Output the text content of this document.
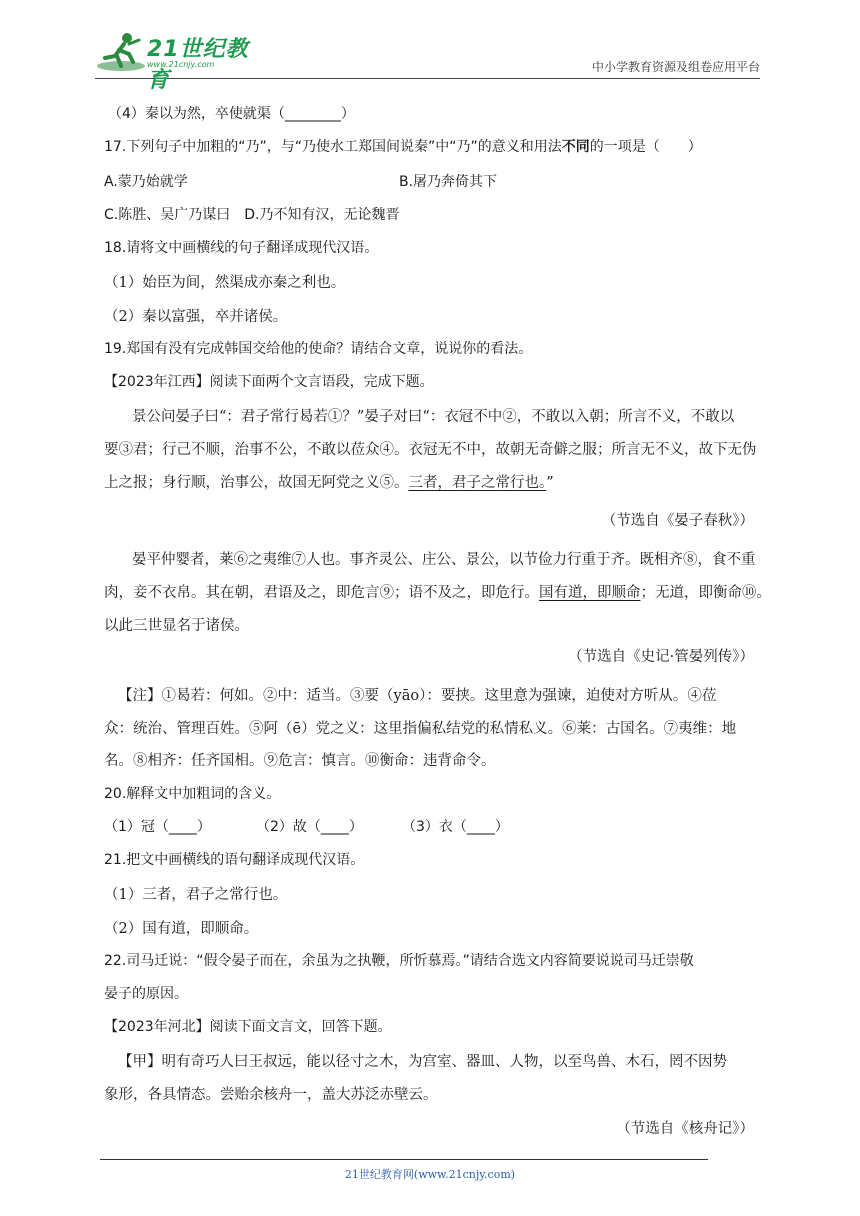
21世纪教育
www.21cnjy.com	中小学教育资源及组卷应用平台
（4）秦以为然，卒使就渠（________）
17.下列句子中加粗的“乃”，与“乃使水工郑国间说秦”中“乃”的意义和用法不同的一项是（　　）
A.蒙乃始就学	B.屠乃奔倚其下
C.陈胜、吴广乃谋曰　D.乃不知有汉，无论魏晋
18.请将文中画横线的句子翻译成现代汉语。
（1）始臣为间，然渠成亦秦之利也。
（2）秦以富强，卒并诸侯。
19.郑国有没有完成韩国交给他的使命？请结合文章，说说你的看法。
【2023年江西】阅读下面两个文言语段，完成下题。
景公问晏子曰“：君子常行曷若①？”晏子对曰“：衣冠不中②，不敢以入朝；所言不义，不敢以
要③君；行己不顺，治事不公，不敢以莅众④。衣冠无不中，故朝无奇僻之服；所言无不义，故下无伪
上之报；身行顺，治事公，故国无阿党之义⑤。三者，君子之常行也。”
（节选自《晏子春秋》）
晏平仲婴者，莱⑥之夷维⑦人也。事齐灵公、庄公、景公，以节俭力行重于齐。既相齐⑧，食不重
肉，妾不衣帛。其在朝，君语及之，即危言⑨；语不及之，即危行。国有道，即顺命；无道，即衡命⑩。
以此三世显名于诸侯。
（节选自《史记·管晏列传》）
【注】①曷若：何如。②中：适当。③要（yāo）：要挟。这里意为强谏，迫使对方听从。④莅
众：统治、管理百姓。⑤阿（ē）党之义：这里指偏私结党的私情私义。⑥莱：古国名。⑦夷维：地
名。⑧相齐：任齐国相。⑨危言：慎言。⑩衡命：违背命令。
20.解释文中加粗词的含义。
（1）冠（____）	（2）故（____）	（3）衣（____）
21.把文中画横线的语句翻译成现代汉语。
（1）三者，君子之常行也。
（2）国有道，即顺命。
22.司马迁说：“假令晏子而在，余虽为之执鞭，所忻慕焉。”请结合选文内容简要说说司马迁崇敬
晏子的原因。
【2023年河北】阅读下面文言文，回答下题。
【甲】明有奇巧人曰王叔远，能以径寸之木，为宫室、器皿、人物，以至鸟兽、木石，罔不因势
象形，各具情态。尝贻余核舟一，盖大苏泛赤壁云。
（节选自《核舟记》）
21世纪教育网(www.21cnjy.com)
